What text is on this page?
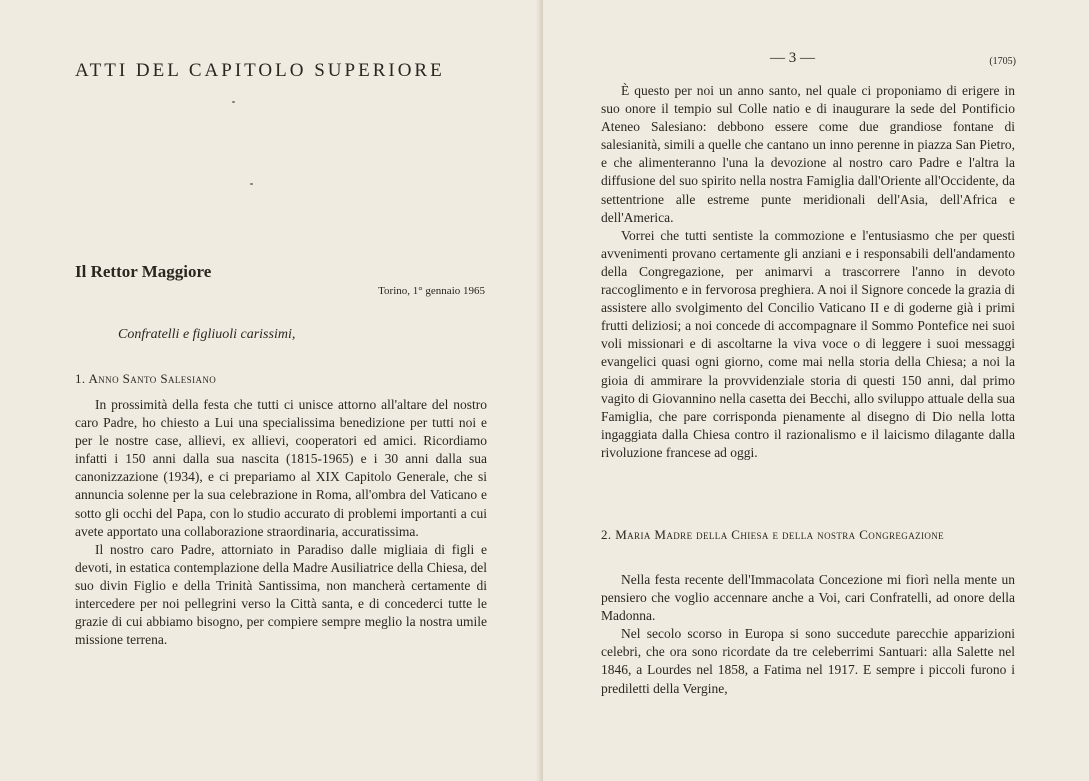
ATTI DEL CAPITOLO SUPERIORE
Il Rettor Maggiore
Torino, 1° gennaio 1965
Confratelli e figliuoli carissimi,
1. Anno Santo Salesiano

In prossimità della festa che tutti ci unisce attorno all'altare del nostro caro Padre, ho chiesto a Lui una specialissima benedizione per tutti noi e per le nostre case, allievi, ex allievi, cooperatori ed amici. Ricordiamo infatti i 150 anni dalla sua nascita (1815-1965) e i 30 anni dalla sua canonizzazione (1934), e ci prepariamo al XIX Capitolo Generale, che si annuncia solenne per la sua celebrazione in Roma, all'ombra del Vaticano e sotto gli occhi del Papa, con lo studio accurato di problemi importanti a cui avete apportato una collaborazione straordinaria, accuratissima.

Il nostro caro Padre, attorniato in Paradiso dalle migliaia di figli e devoti, in estatica contemplazione della Madre Ausiliatrice della Chiesa, del suo divin Figlio e della Trinità Santissima, non mancherà certamente di intercedere per noi pellegrini verso la Città santa, e di concederci tutte le grazie di cui abbiamo bisogno, per compiere sempre meglio la nostra umile missione terrena.

— 3 —	(1705)

È questo per noi un anno santo, nel quale ci proponiamo di erigere in suo onore il tempio sul Colle natio e di inaugurare la sede del Pontificio Ateneo Salesiano: debbono essere come due grandiose fontane di salesianità, simili a quelle che cantano un inno perenne in piazza San Pietro, e che alimenteranno l'una la devozione al nostro caro Padre e l'altra la diffusione del suo spirito nella nostra Famiglia dall'Oriente all'Occidente, da settentrione alle estreme punte meridionali dell'Asia, dell'Africa e dell'America.

Vorrei che tutti sentiste la commozione e l'entusiasmo che per questi avvenimenti provano certamente gli anziani e i responsabili dell'andamento della Congregazione, per animarvi a trascorrere l'anno in devoto raccoglimento e in fervorosa preghiera. A noi il Signore concede la grazia di assistere allo svolgimento del Concilio Vaticano II e di goderne già i primi frutti deliziosi; a noi concede di accompagnare il Sommo Pontefice nei suoi voli missionari e di ascoltarne la viva voce o di leggere i suoi messaggi evangelici quasi ogni giorno, come mai nella storia della Chiesa; a noi la gioia di ammirare la provvidenziale storia di questi 150 anni, dal primo vagito di Giovannino nella casetta dei Becchi, allo sviluppo attuale della sua Famiglia, che pare corrisponda pienamente al disegno di Dio nella lotta ingaggiata dalla Chiesa contro il razionalismo e il laicismo dilagante dalla rivoluzione francese ad oggi.

2. Maria Madre della Chiesa e della nostra Congregazione

Nella festa recente dell'Immacolata Concezione mi fiorì nella mente un pensiero che voglio accennare anche a Voi, cari Confratelli, ad onore della Madonna.

Nel secolo scorso in Europa si sono succedute parecchie apparizioni celebri, che ora sono ricordate da tre celeberrimi Santuari: alla Salette nel 1846, a Lourdes nel 1858, a Fatima nel 1917. E sempre i piccoli furono i prediletti della Vergine,
